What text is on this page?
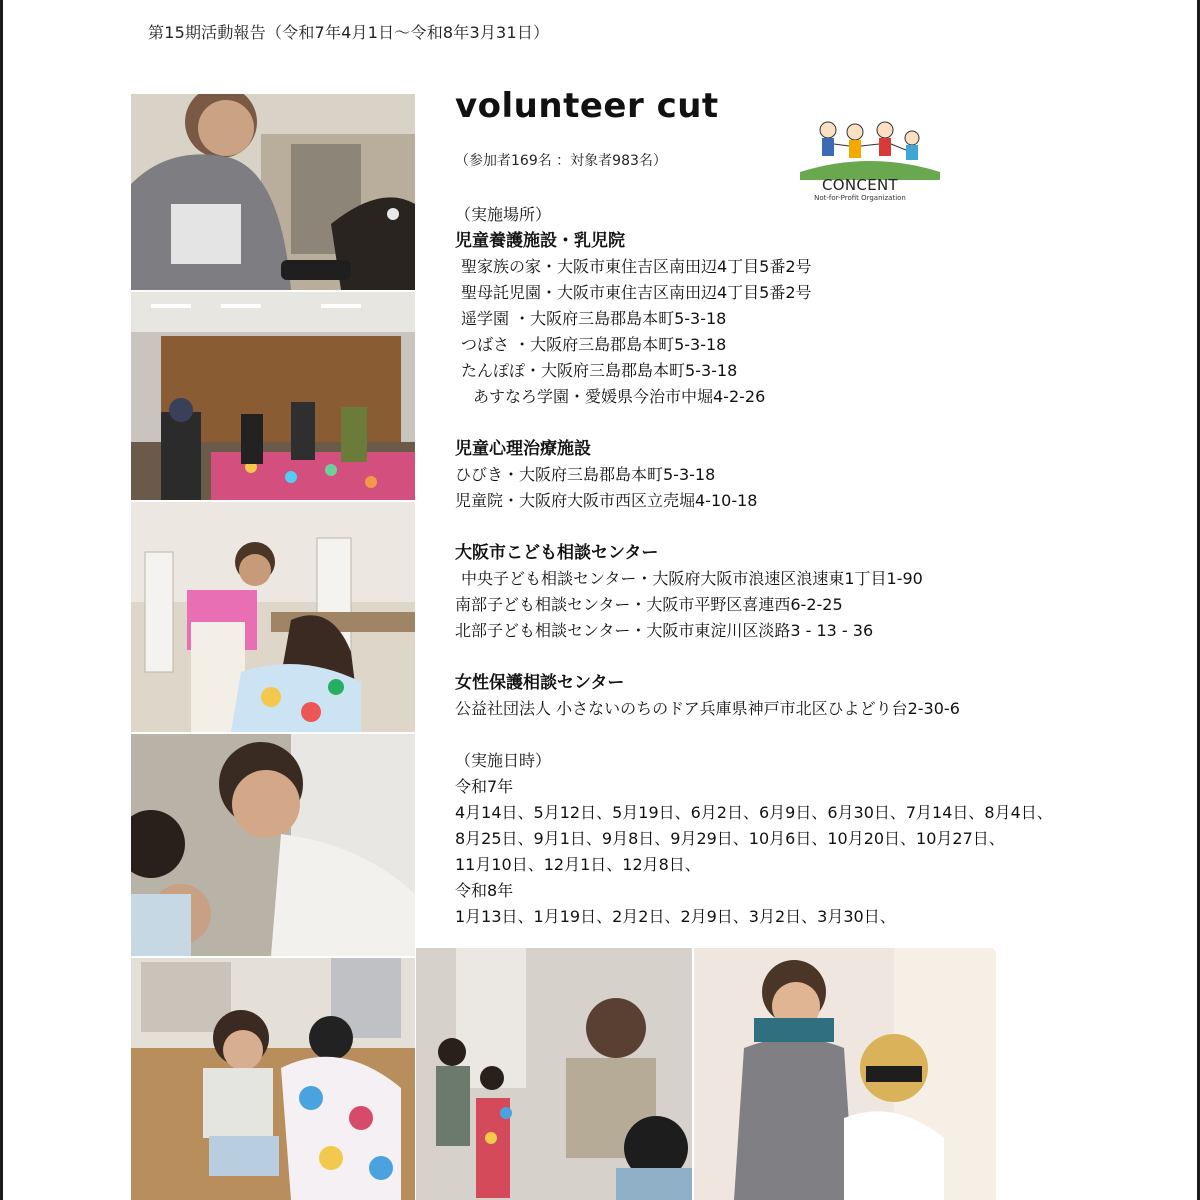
第15期活動報告（令和7年4月1日〜令和8年3月31日）
volunteer cut
（参加者169名 ：対象者983名）
CONCENT
Not-for-Profit Organization
（実施場所）
児童養護施設・乳児院
聖家族の家・大阪市東住吉区南田辺4丁目5番2号
聖母託児園・大阪市東住吉区南田辺4丁目5番2号
遥学園 ・大阪府三島郡島本町5-3-18
つばさ ・大阪府三島郡島本町5-3-18
たんぽぽ・大阪府三島郡島本町5-3-18
あすなろ学園・愛媛県今治市中堀4-2-26
児童心理治療施設
ひびき・大阪府三島郡島本町5-3-18
児童院・大阪府大阪市西区立売堀4-10-18
大阪市こども相談センター
中央子ども相談センター・大阪府大阪市浪速区浪速東1丁目1-90
南部子ども相談センター・大阪市平野区喜連西6-2-25
北部子ども相談センター・大阪市東淀川区淡路3 - 13 - 36
女性保護相談センター
公益社団法人 小さないのちのドア兵庫県神戸市北区ひよどり台2-30-6
（実施日時）
令和7年
4月14日、5月12日、5月19日、6月2日、6月9日、6月30日、7月14日、8月4日、
8月25日、9月1日、9月8日、9月29日、10月6日、10月20日、10月27日、
11月10日、12月1日、12月8日、
令和8年
1月13日、1月19日、2月2日、2月9日、3月2日、3月30日、
